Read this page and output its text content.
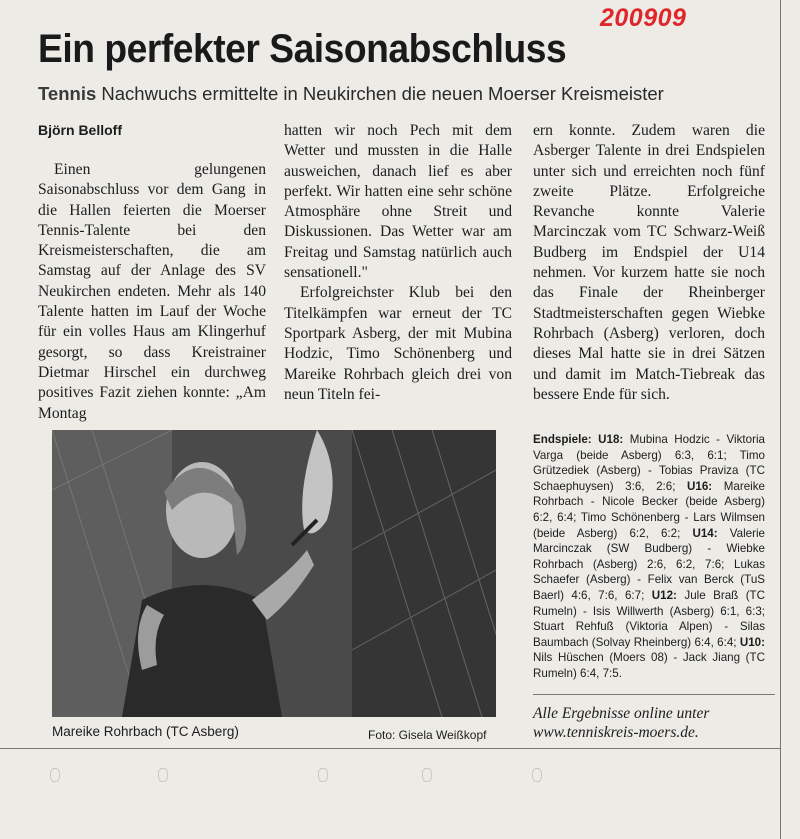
200909
Ein perfekter Saisonabschluss
Tennis Nachwuchs ermittelte in Neukirchen die neuen Moerser Kreismeister
Björn Belloff

Einen gelungenen Saisonabschluss vor dem Gang in die Hallen feierten die Moerser Tennis-Talente bei den Kreismeisterschaften, die am Samstag auf der Anlage des SV Neukirchen endeten. Mehr als 140 Talente hatten im Lauf der Woche für ein volles Haus am Klingerhuf gesorgt, so dass Kreistrainer Dietmar Hirschel ein durchweg positives Fazit ziehen konnte: „Am Montag

hatten wir noch Pech mit dem Wetter und mussten in die Halle ausweichen, danach lief es aber perfekt. Wir hatten eine sehr schöne Atmosphäre ohne Streit und Diskussionen. Das Wetter war am Freitag und Samstag natürlich auch sensationell."

Erfolgreichster Klub bei den Titelkämpfen war erneut der TC Sportpark Asberg, der mit Mubina Hodzic, Timo Schönenberg und Mareike Rohrbach gleich drei von neun Titeln fei-

ern konnte. Zudem waren die Asberger Talente in drei Endspielen unter sich und erreichten noch fünf zweite Plätze. Erfolgreiche Revanche konnte Valerie Marcinczak vom TC Schwarz-Weiß Budberg im Endspiel der U14 nehmen. Vor kurzem hatte sie noch das Finale der Rheinberger Stadtmeisterschaften gegen Wiebke Rohrbach (Asberg) verloren, doch dieses Mal hatte sie in drei Sätzen und damit im Match-Tiebreak das bessere Ende für sich.

Endspiele: U18: Mubina Hodzic - Viktoria Varga (beide Asberg) 6:3, 6:1; Timo Grützediek (Asberg) - Tobias Praviza (TC Schaephuysen) 3:6, 2:6; U16: Mareike Rohrbach - Nicole Becker (beide Asberg) 6:2, 6:4; Timo Schönenberg - Lars Wilmsen (beide Asberg) 6:2, 6:2; U14: Valerie Marcinczak (SW Budberg) - Wiebke Rohrbach (Asberg) 2:6, 6:2, 7:6; Lukas Schaefer (Asberg) - Felix van Berck (TuS Baerl) 4:6, 7:6, 6:7; U12: Jule Braß (TC Rumeln) - Isis Willwerth (Asberg) 6:1, 6:3; Stuart Rehfuß (Viktoria Alpen) - Silas Baumbach (Solvay Rheinberg) 6:4, 6:4; U10: Nils Hüschen (Moers 08) - Jack Jiang (TC Rumeln) 6:4, 7:5.

Alle Ergebnisse online unter
www.tenniskreis-moers.de.
Mareike Rohrbach (TC Asberg)	Foto: Gisela Weißkopf
